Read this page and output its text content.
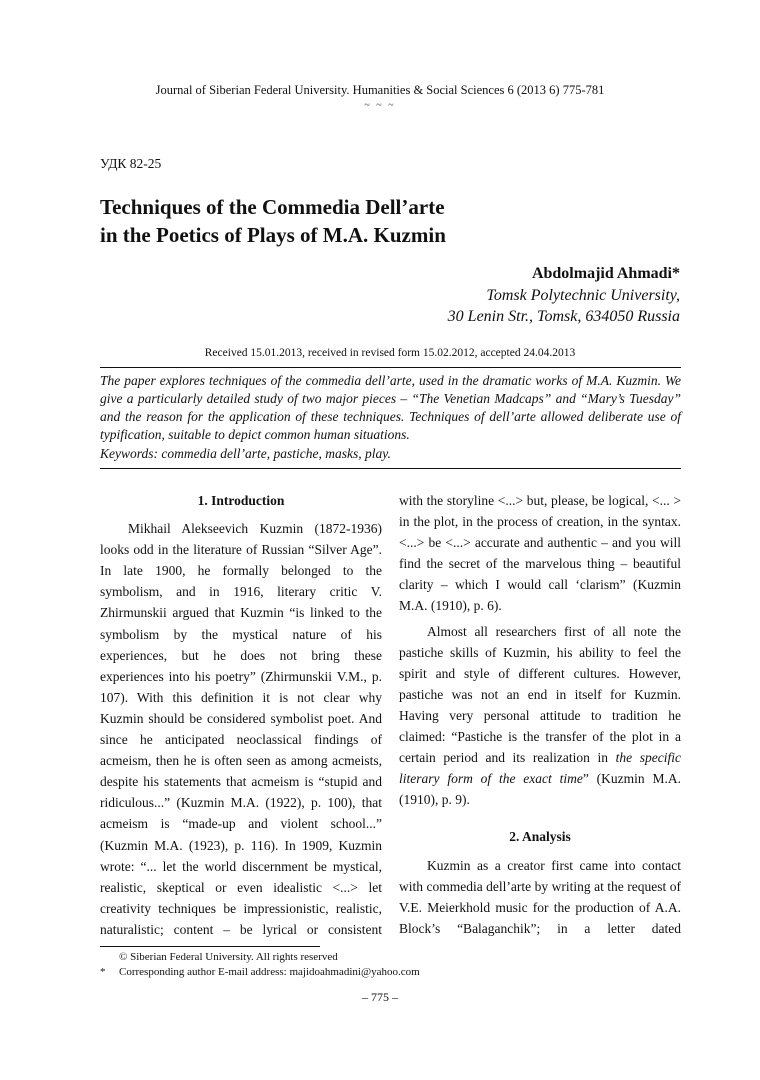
Journal of Siberian Federal University. Humanities & Social Sciences 6 (2013 6) 775-781
~ ~ ~
УДК 82-25
Techniques of the Commedia Dell’arte
in the Poetics of Plays of M.A. Kuzmin
Abdolmajid Ahmadi*
Tomsk Polytechnic University,
30 Lenin Str., Tomsk, 634050 Russia
Received 15.01.2013, received in revised form 15.02.2012, accepted 24.04.2013

The paper explores techniques of the commedia dell’arte, used in the dramatic works of M.A. Kuzmin. We give a particularly detailed study of two major pieces – “The Venetian Madcaps” and “Mary’s Tuesday” and the reason for the application of these techniques. Techniques of dell’arte allowed deliberate use of typification, suitable to depict common human situations.

Keywords: commedia dell’arte, pastiche, masks, play.
1. Introduction

Mikhail Alekseevich Kuzmin (1872-1936) looks odd in the literature of Russian “Silver Age”. In late 1900, he formally belonged to the symbolism, and in 1916, literary critic V. Zhirmunskii argued that Kuzmin “is linked to the symbolism by the mystical nature of his experiences, but he does not bring these experiences into his poetry” (Zhirmunskii V.M., p. 107). With this definition it is not clear why Kuzmin should be considered symbolist poet. And since he anticipated neoclassical findings of acmeism, then he is often seen as among acmeists, despite his statements that acmeism is “stupid and ridiculous...” (Kuzmin M.A. (1922), p. 100), that acmeism is “made-up and violent school...” (Kuzmin M.A. (1923), p. 116). In 1909, Kuzmin wrote: “... let the world discernment be mystical, realistic, skeptical or even idealistic <...> let creativity techniques be impressionistic, realistic, naturalistic; content – be lyrical or consistent

with the storyline <...> but, please, be logical, <... > in the plot, in the process of creation, in the syntax. <...> be <...> accurate and authentic – and you will find the secret of the marvelous thing – beautiful clarity – which I would call ‘clarism” (Kuzmin M.A. (1910), p. 6).

Almost all researchers first of all note the pastiche skills of Kuzmin, his ability to feel the spirit and style of different cultures. However, pastiche was not an end in itself for Kuzmin. Having very personal attitude to tradition he claimed: “Pastiche is the transfer of the plot in a certain period and its realization in the specific literary form of the exact time” (Kuzmin M.A. (1910), p. 9).

2. Analysis

Kuzmin as a creator first came into contact with commedia dell’arte by writing at the request of V.E. Meierkhold music for the production of A.A. Block’s “Balaganchik”; in a letter dated

© Siberian Federal University. All rights reserved
* Corresponding author E-mail address: majidoahmadini@yahoo.com
– 775 –
